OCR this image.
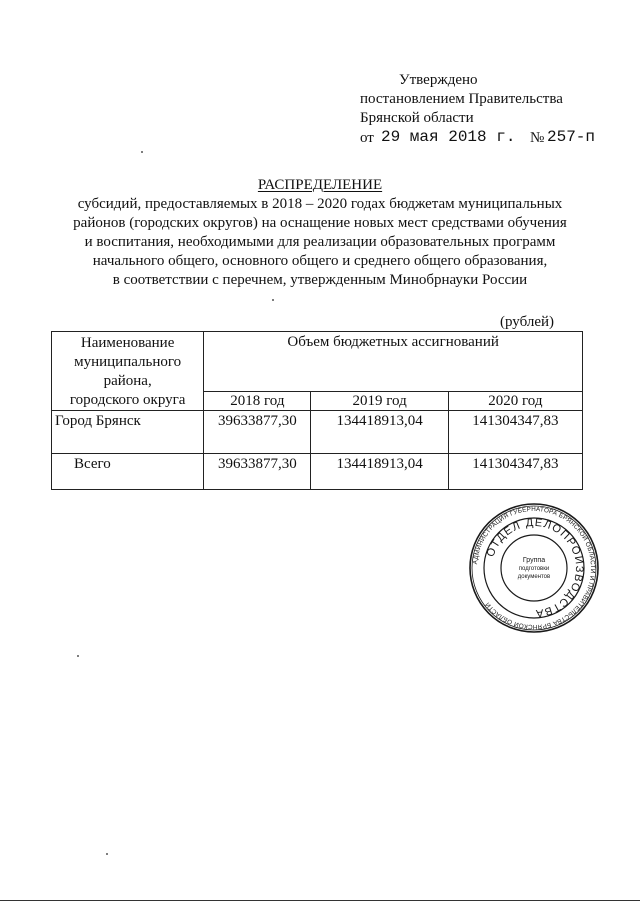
Утверждено
постановлением Правительства
Брянской области
от 29 мая 2018 г. № 257-п
РАСПРЕДЕЛЕНИЕ
субсидий, предоставляемых в 2018 – 2020 годах бюджетам муниципальных
районов (городских округов) на оснащение новых мест средствами обучения
и воспитания, необходимыми для реализации образовательных программ
начального общего, основного общего и среднего общего образования,
в соответствии с перечнем, утвержденным Минобрнауки России
(рублей)
Наименование
муниципального
района,
городского округа	Объем бюджетных ассигнований		
	2018 год	2019 год	2020 год
Город Брянск	39633877,30	134418913,04	141304347,83
Всего	39633877,30	134418913,04	141304347,83
АДМИНИСТРАЦИЯ ГУБЕРНАТОРА БРЯНСКОЙ ОБЛАСТИ И ПРАВИТЕЛЬСТВА БРЯНСКОЙ ОБЛАСТИ
ОТДЕЛ ДЕЛОПРОИЗВОДСТВА
Группа
подготовки
документов
